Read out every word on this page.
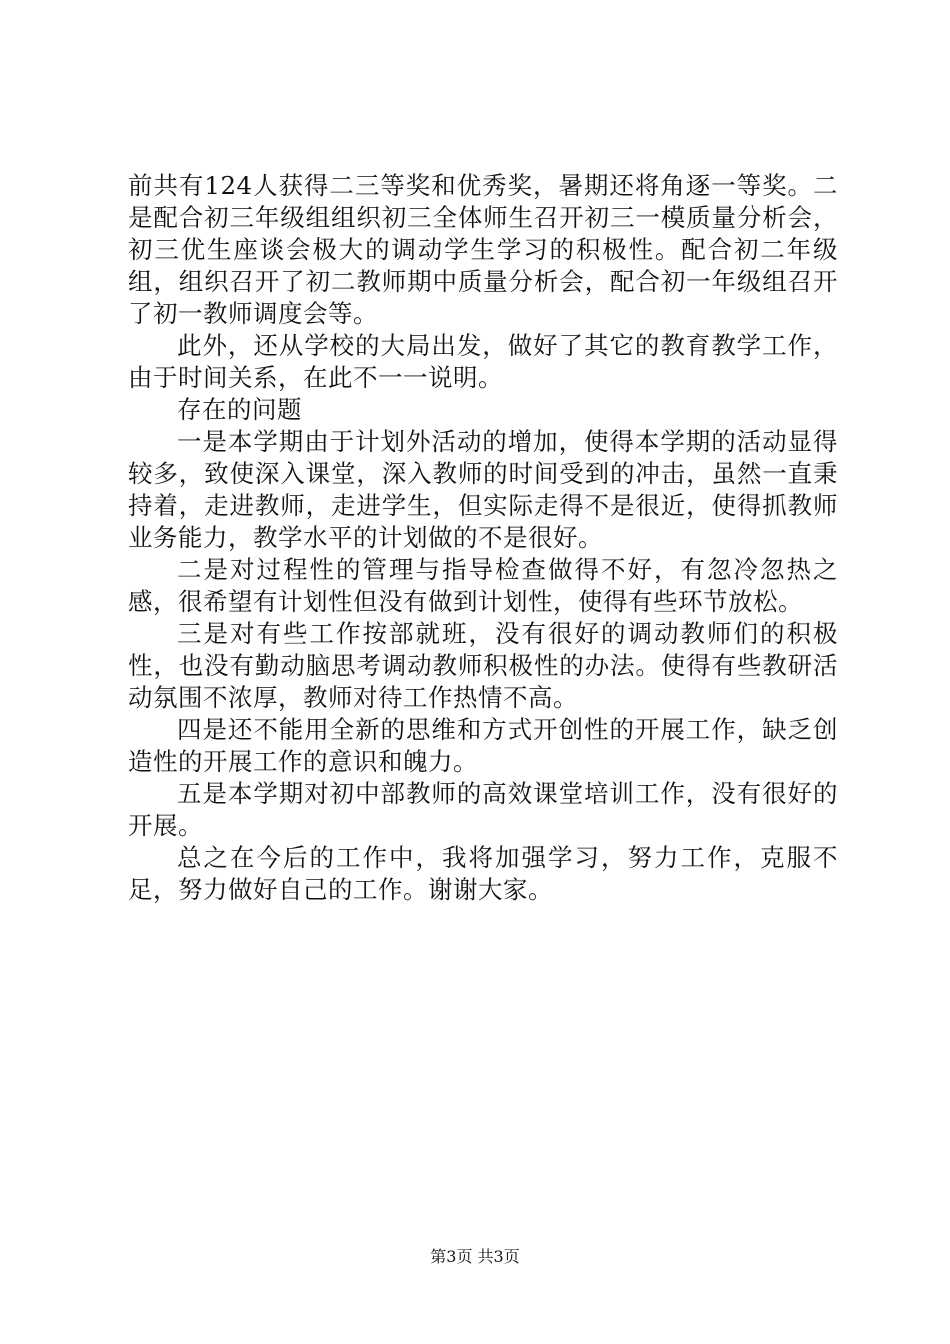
前共有124人获得二三等奖和优秀奖，暑期还将角逐一等奖。二是配合初三年级组组织初三全体师生召开初三一模质量分析会，初三优生座谈会极大的调动学生学习的积极性。配合初二年级组，组织召开了初二教师期中质量分析会，配合初一年级组召开了初一教师调度会等。

此外，还从学校的大局出发，做好了其它的教育教学工作，由于时间关系，在此不一一说明。

存在的问题

一是本学期由于计划外活动的增加，使得本学期的活动显得较多，致使深入课堂，深入教师的时间受到的冲击，虽然一直秉持着，走进教师，走进学生，但实际走得不是很近，使得抓教师业务能力，教学水平的计划做的不是很好。

二是对过程性的管理与指导检查做得不好，有忽冷忽热之感，很希望有计划性但没有做到计划性，使得有些环节放松。

三是对有些工作按部就班，没有很好的调动教师们的积极性，也没有勤动脑思考调动教师积极性的办法。使得有些教研活动氛围不浓厚，教师对待工作热情不高。

四是还不能用全新的思维和方式开创性的开展工作，缺乏创造性的开展工作的意识和魄力。

五是本学期对初中部教师的高效课堂培训工作，没有很好的开展。

总之在今后的工作中，我将加强学习，努力工作，克服不足，努力做好自己的工作。谢谢大家。

第3页 共3页
